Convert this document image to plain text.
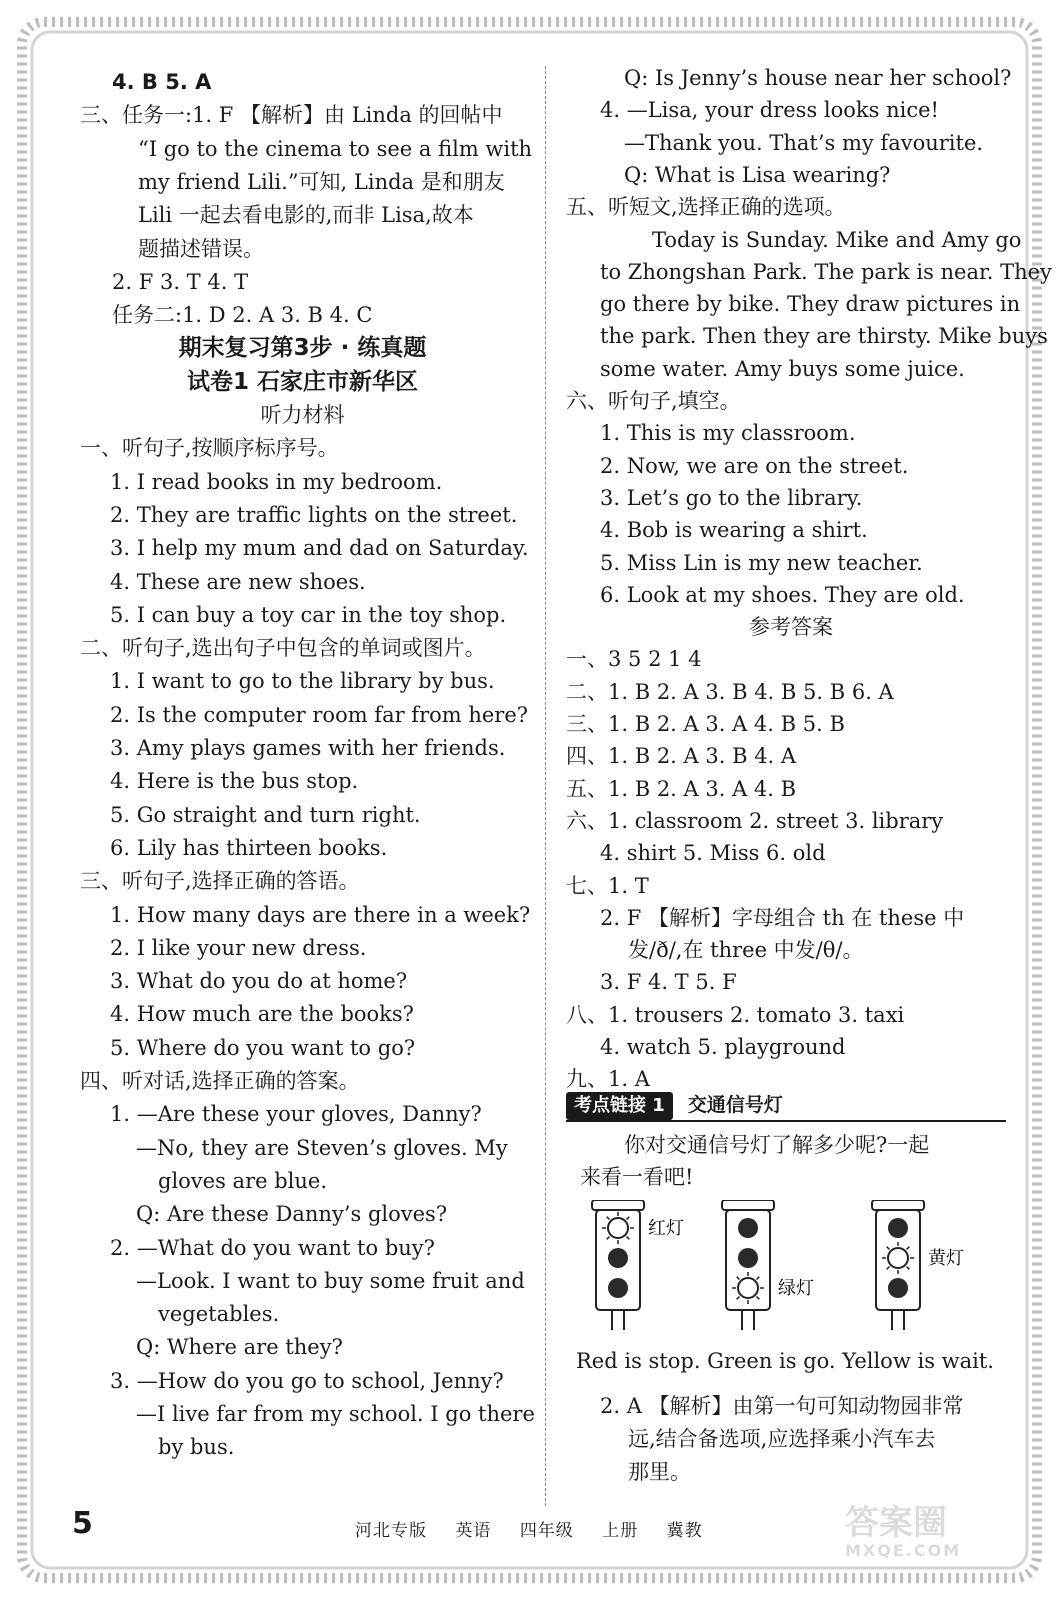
4. B 5. A
三、任务一:1. F 【解析】由 Linda 的回帖中
“I go to the cinema to see a film with
my friend Lili.”可知, Linda 是和朋友
Lili 一起去看电影的,而非 Lisa,故本
题描述错误。
2. F 3. T 4. T
任务二:1. D 2. A 3. B 4. C
期末复习第3步 · 练真题
试卷1 石家庄市新华区
听力材料
一、听句子,按顺序标序号。
1. I read books in my bedroom.
2. They are traffic lights on the street.
3. I help my mum and dad on Saturday.
4. These are new shoes.
5. I can buy a toy car in the toy shop.
二、听句子,选出句子中包含的单词或图片。
1. I want to go to the library by bus.
2. Is the computer room far from here?
3. Amy plays games with her friends.
4. Here is the bus stop.
5. Go straight and turn right.
6. Lily has thirteen books.
三、听句子,选择正确的答语。
1. How many days are there in a week?
2. I like your new dress.
3. What do you do at home?
4. How much are the books?
5. Where do you want to go?
四、听对话,选择正确的答案。
1. —Are these your gloves, Danny?
—No, they are Steven’s gloves. My
gloves are blue.
Q: Are these Danny’s gloves?
2. —What do you want to buy?
—Look. I want to buy some fruit and
vegetables.
Q: Where are they?
3. —How do you go to school, Jenny?
—I live far from my school. I go there
by bus.
Q: Is Jenny’s house near her school?
4. —Lisa, your dress looks nice!
—Thank you. That’s my favourite.
Q: What is Lisa wearing?
五、听短文,选择正确的选项。
Today is Sunday. Mike and Amy go
to Zhongshan Park. The park is near. They
go there by bike. They draw pictures in
the park. Then they are thirsty. Mike buys
some water. Amy buys some juice.
六、听句子,填空。
1. This is my classroom.
2. Now, we are on the street.
3. Let’s go to the library.
4. Bob is wearing a shirt.
5. Miss Lin is my new teacher.
6. Look at my shoes. They are old.
参考答案
一、3 5 2 1 4
二、1. B 2. A 3. B 4. B 5. B 6. A
三、1. B 2. A 3. A 4. B 5. B
四、1. B 2. A 3. B 4. A
五、1. B 2. A 3. A 4. B
六、1. classroom 2. street 3. library
4. shirt 5. Miss 6. old
七、1. T
2. F 【解析】字母组合 th 在 these 中
发/ð/,在 three 中发/θ/。
3. F 4. T 5. F
八、1. trousers 2. tomato 3. taxi
4. watch 5. playground
九、1. A
考点链接 1 交通信号灯
你对交通信号灯了解多少呢?一起
来看一看吧!
红灯
绿灯
黄灯
Red is stop. Green is go. Yellow is wait.
5	河北专版 英语 四年级 上册 冀教	答案圈
MXQE.COM
2. A 【解析】由第一句可知动物园非常
远,结合备选项,应选择乘小汽车去
那里。
